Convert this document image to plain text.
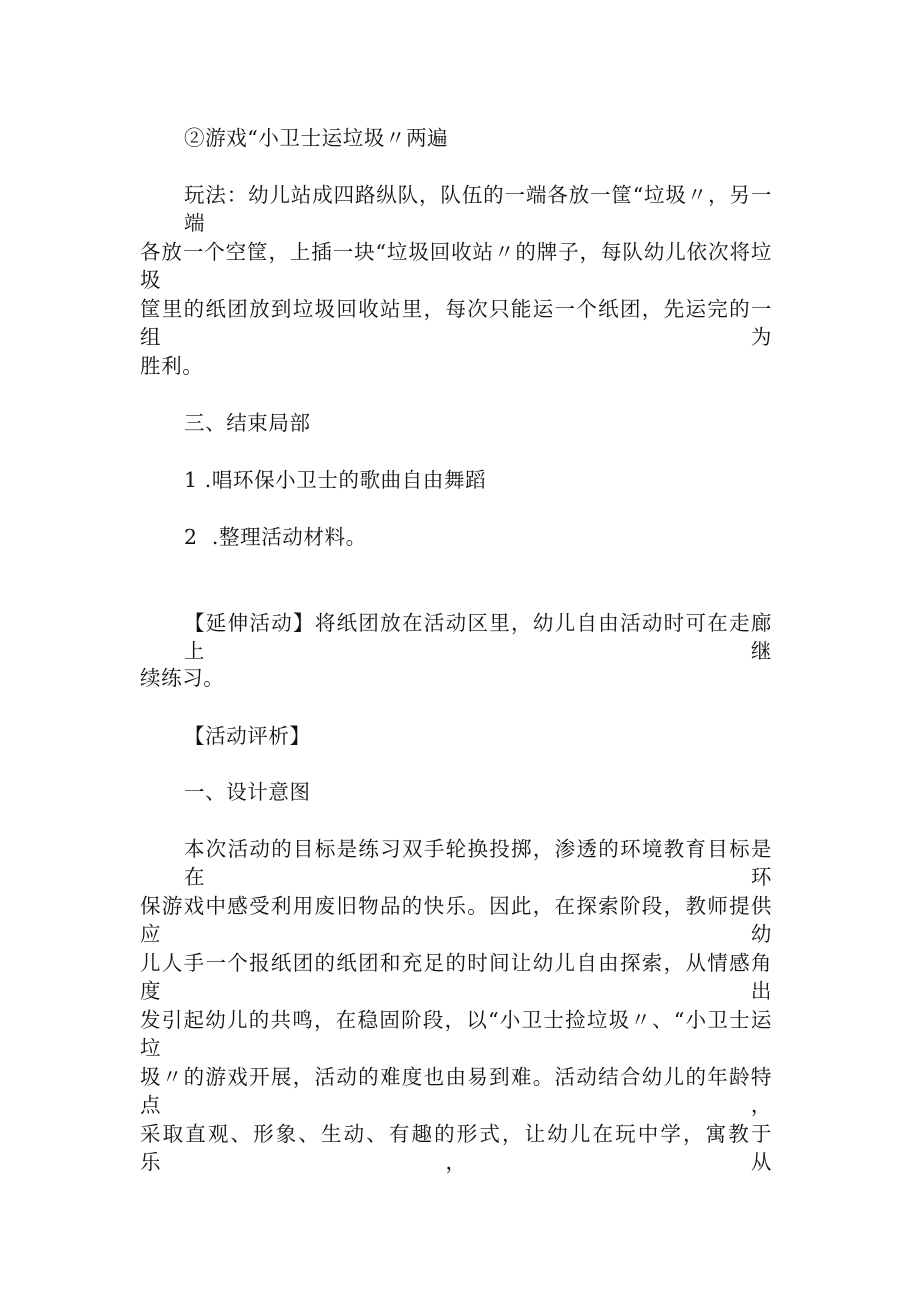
②游戏“小卫士运垃圾〃两遍

玩法：幼儿站成四路纵队，队伍的一端各放一筐“垃圾〃，另一端

各放一个空筐，上插一块“垃圾回收站〃的牌子，每队幼儿依次将垃圾

筐里的纸团放到垃圾回收站里，每次只能运一个纸团，先运完的一组为

胜利。

三、结束局部

1 .唱环保小卫士的歌曲自由舞蹈

2  .整理活动材料。

【延伸活动】将纸团放在活动区里，幼儿自由活动时可在走廊上继

续练习。

【活动评析】

一、设计意图

本次活动的目标是练习双手轮换投掷，渗透的环境教育目标是在环

保游戏中感受利用废旧物品的快乐。因此，在探索阶段，教师提供应幼

儿人手一个报纸团的纸团和充足的时间让幼儿自由探索，从情感角度出

发引起幼儿的共鸣，在稳固阶段，以“小卫士捡垃圾〃、“小卫士运垃

圾〃的游戏开展，活动的难度也由易到难。活动结合幼儿的年龄特点，

采取直观、形象、生动、有趣的形式，让幼儿在玩中学，寓教于乐，从
